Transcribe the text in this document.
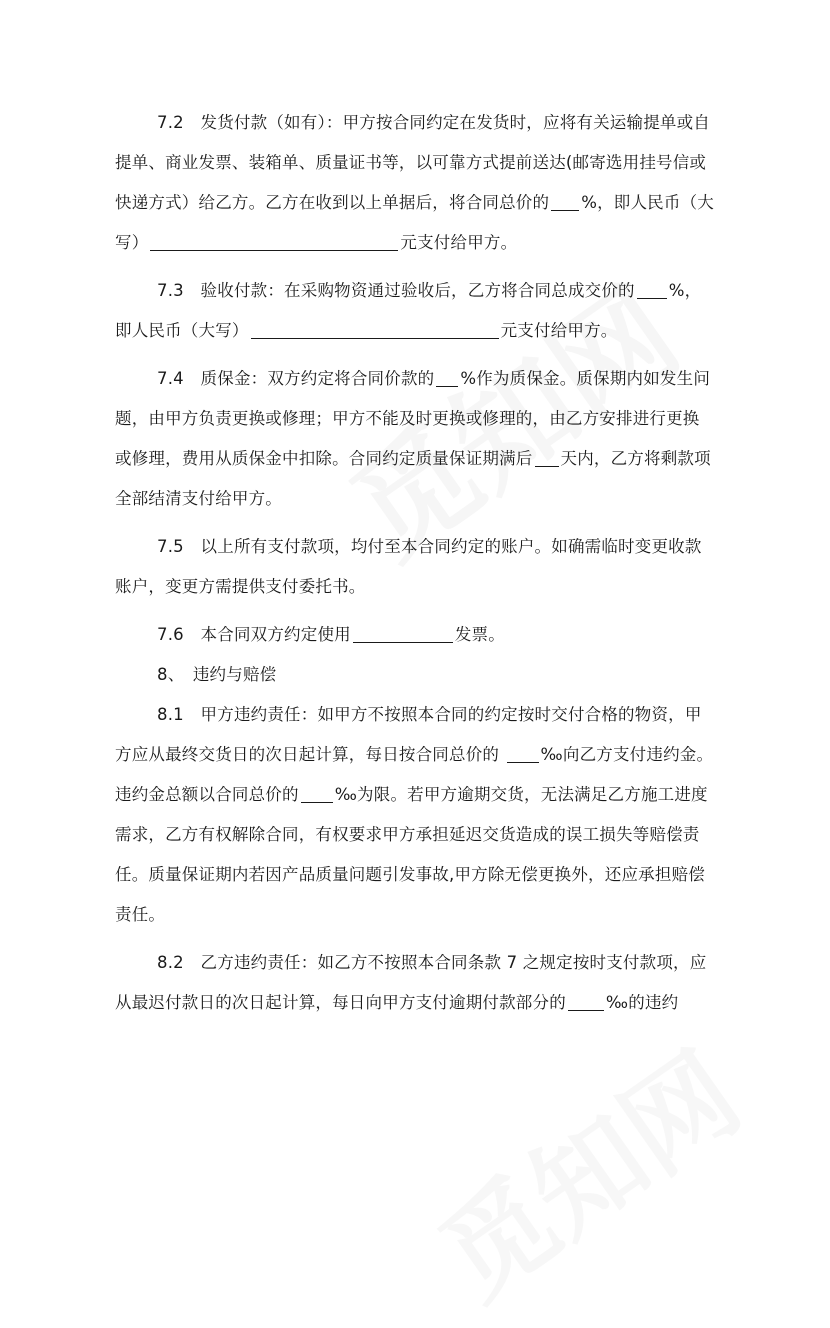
7.2　发货付款（如有）：甲方按合同约定在发货时，应将有关运输提单或自提单、商业发票、装箱单、质量证书等，以可靠方式提前送达(邮寄选用挂号信或快递方式）给乙方。乙方在收到以上单据后，将合同总价的 %，即人民币（大写）	元支付给甲方。

7.3　验收付款：在采购物资通过验收后，乙方将合同总成交价的 %，即人民币（大写）	元支付给甲方。

7.4　质保金：双方约定将合同价款的 %作为质保金。质保期内如发生问题，由甲方负责更换或修理；甲方不能及时更换或修理的，由乙方安排进行更换或修理，费用从质保金中扣除。合同约定质量保证期满后 天内，乙方将剩款项全部结清支付给甲方。

7.5　以上所有支付款项，均付至本合同约定的账户。如确需临时变更收款账户，变更方需提供支付委托书。

7.6　本合同双方约定使用	发票。

8、　违约与赔偿

8.1　甲方违约责任：如甲方不按照本合同的约定按时交付合格的物资，甲方应从最终交货日的次日起计算，每日按合同总价的 ‰向乙方支付违约金。违约金总额以合同总价的 ‰为限。若甲方逾期交货，无法满足乙方施工进度需求，乙方有权解除合同，有权要求甲方承担延迟交货造成的误工损失等赔偿责任。质量保证期内若因产品质量问题引发事故,甲方除无偿更换外，还应承担赔偿责任。

8.2　乙方违约责任：如乙方不按照本合同条款 7 之规定按时支付款项，应从最迟付款日的次日起计算，每日向甲方支付逾期付款部分的 ‰的违约
